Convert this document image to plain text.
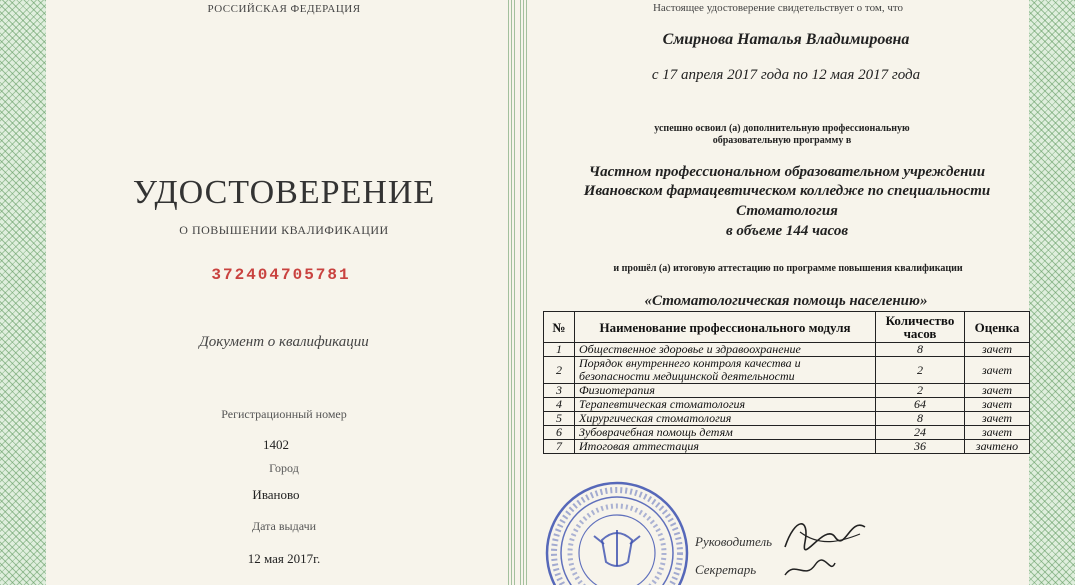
РОССИЙСКАЯ ФЕДЕРАЦИЯ
УДОСТОВЕРЕНИЕ
О ПОВЫШЕНИИ КВАЛИФИКАЦИИ
372404705781
Документ о квалификации
Регистрационный номер
1402
Город
Иваново
Дата выдачи
12 мая 2017г.
Настоящее удостоверение свидетельствует о том, что
Смирнова Наталья Владимировна
с 17 апреля 2017 года по 12 мая 2017 года
успешно освоил (а) дополнительную профессиональную
образовательную программу в
Частном профессиональном образовательном учреждении
Ивановском фармацевтическом колледже по специальности
Стоматология
в объеме 144 часов
и прошёл (а) итоговую аттестацию по программе повышения квалификации
«Стоматологическая помощь населению»
№	Наименование профессионального модуля	Количество часов	Оценка
1	Общественное здоровье и здравоохранение	8	зачет
2	Порядок внутреннего контроля качества и безопасности медицинской деятельности	2	зачет
3	Физиотерапия	2	зачет
4	Терапевтическая стоматология	64	зачет
5	Хирургическая стоматология	8	зачет
6	Зубоврачебная помощь детям	24	зачет
7	Итоговая аттестация	36	зачтено
Руководитель
Секретарь
